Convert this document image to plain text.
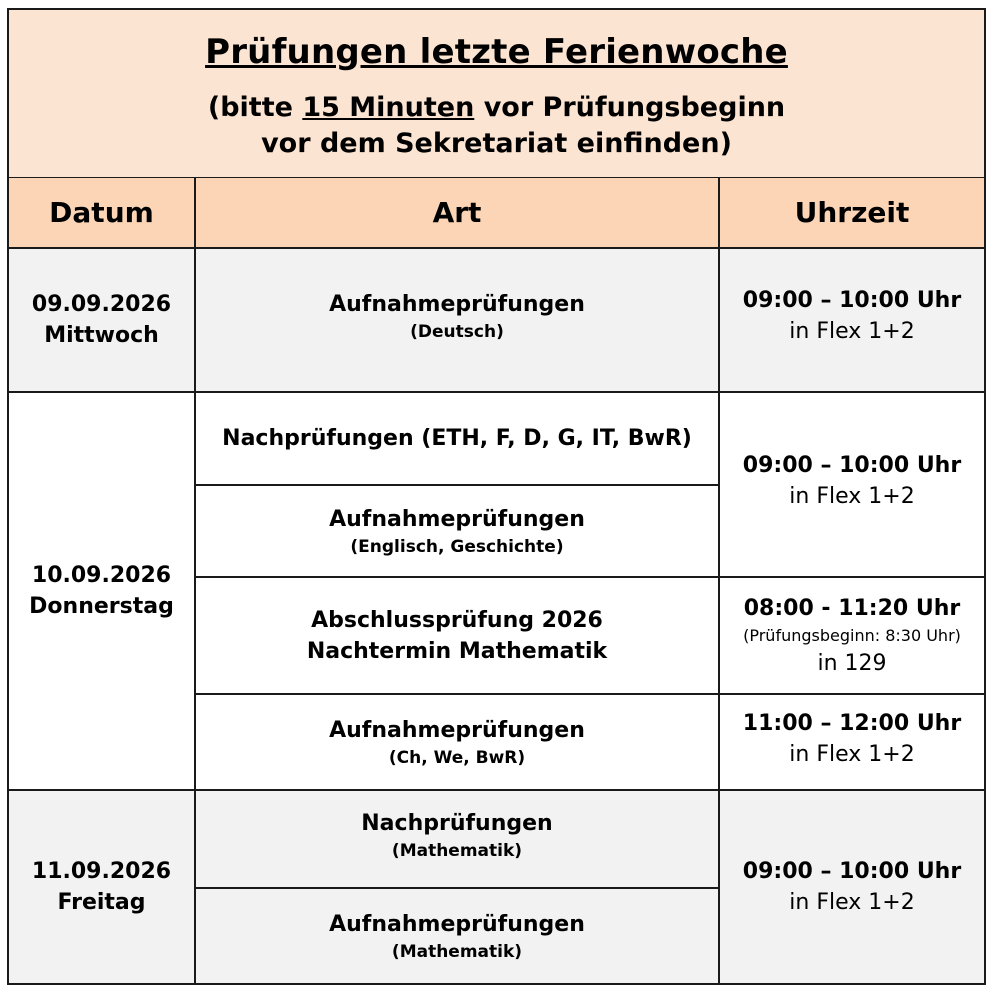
Prüfungen letzte Ferienwoche
(bitte 15 Minuten vor Prüfungsbeginn
vor dem Sekretariat einfinden)
Datum	Art	Uhrzeit
09.09.2026
Mittwoch
Aufnahmeprüfungen
(Deutsch)
09:00 – 10:00 Uhr
in Flex 1+2
10.09.2026
Donnerstag
Nachprüfungen (ETH, F, D, G, IT, BwR)
Aufnahmeprüfungen
(Englisch, Geschichte)
09:00 – 10:00 Uhr
in Flex 1+2
Abschlussprüfung 2026
Nachtermin Mathematik
08:00 - 11:20 Uhr
(Prüfungsbeginn: 8:30 Uhr)
in 129
Aufnahmeprüfungen
(Ch, We, BwR)
11:00 – 12:00 Uhr
in Flex 1+2
11.09.2026
Freitag
Nachprüfungen
(Mathematik)
Aufnahmeprüfungen
(Mathematik)
09:00 – 10:00 Uhr
in Flex 1+2
